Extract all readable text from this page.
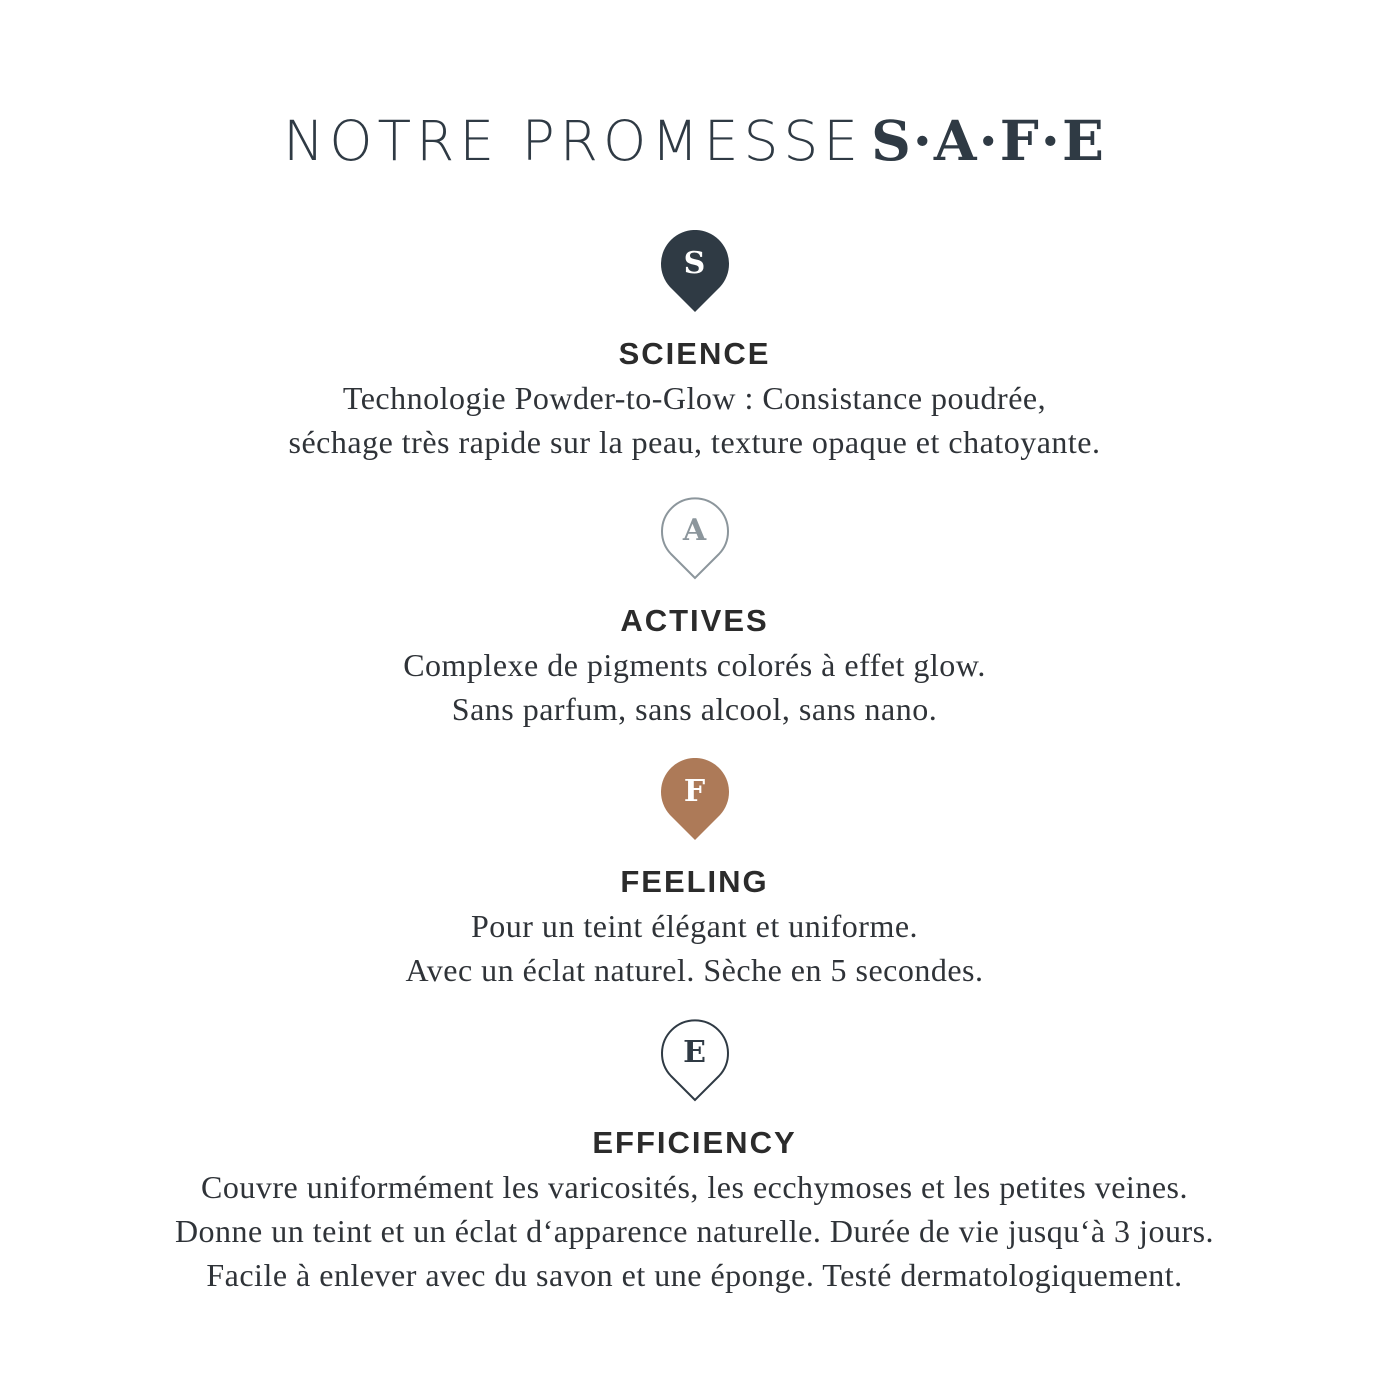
NOTRE PROMESSE S·A·F·E
S
SCIENCE
Technologie Powder-to-Glow : Consistance poudrée,
séchage très rapide sur la peau, texture opaque et chatoyante.
A
ACTIVES
Complexe de pigments colorés à effet glow.
Sans parfum, sans alcool, sans nano.
F
FEELING
Pour un teint élégant et uniforme.
Avec un éclat naturel. Sèche en 5 secondes.
E
EFFICIENCY
Couvre uniformément les varicosités, les ecchymoses et les petites veines.
Donne un teint et un éclat d‘apparence naturelle. Durée de vie jusqu‘à 3 jours.
Facile à enlever avec du savon et une éponge. Testé dermatologiquement.
